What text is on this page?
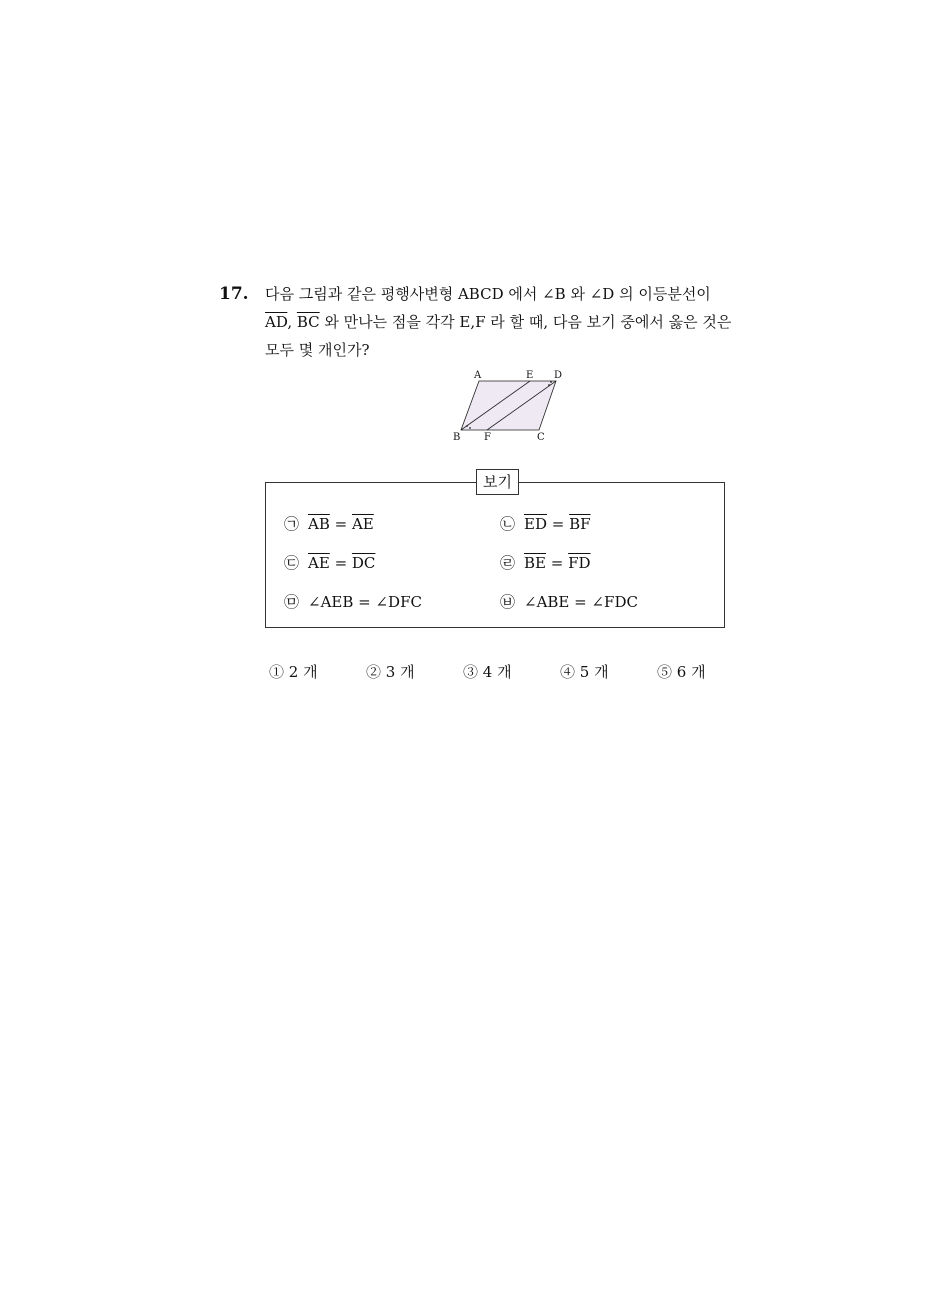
17. 다음 그림과 같은 평행사변형 ABCD 에서 ∠B 와 ∠D 의 이등분선이
$\overline{AD}$, $\overline{BC}$ 와 만나는 점을 각각 E,F 라 할 때, 다음 보기 중에서 옳은 것은
모두 몇 개인가?
A	E D
B F	C
보기
㉠ $\overline{AB} = \overline{AE}$	㉡ $\overline{ED} = \overline{BF}$
㉢ $\overline{AE} = \overline{DC}$	㉣ $\overline{BE} = \overline{FD}$
㉤ ∠AEB = ∠DFC	㉥ ∠ABE = ∠FDC
① 2 개	② 3 개	③ 4 개	④ 5 개	⑤ 6 개
